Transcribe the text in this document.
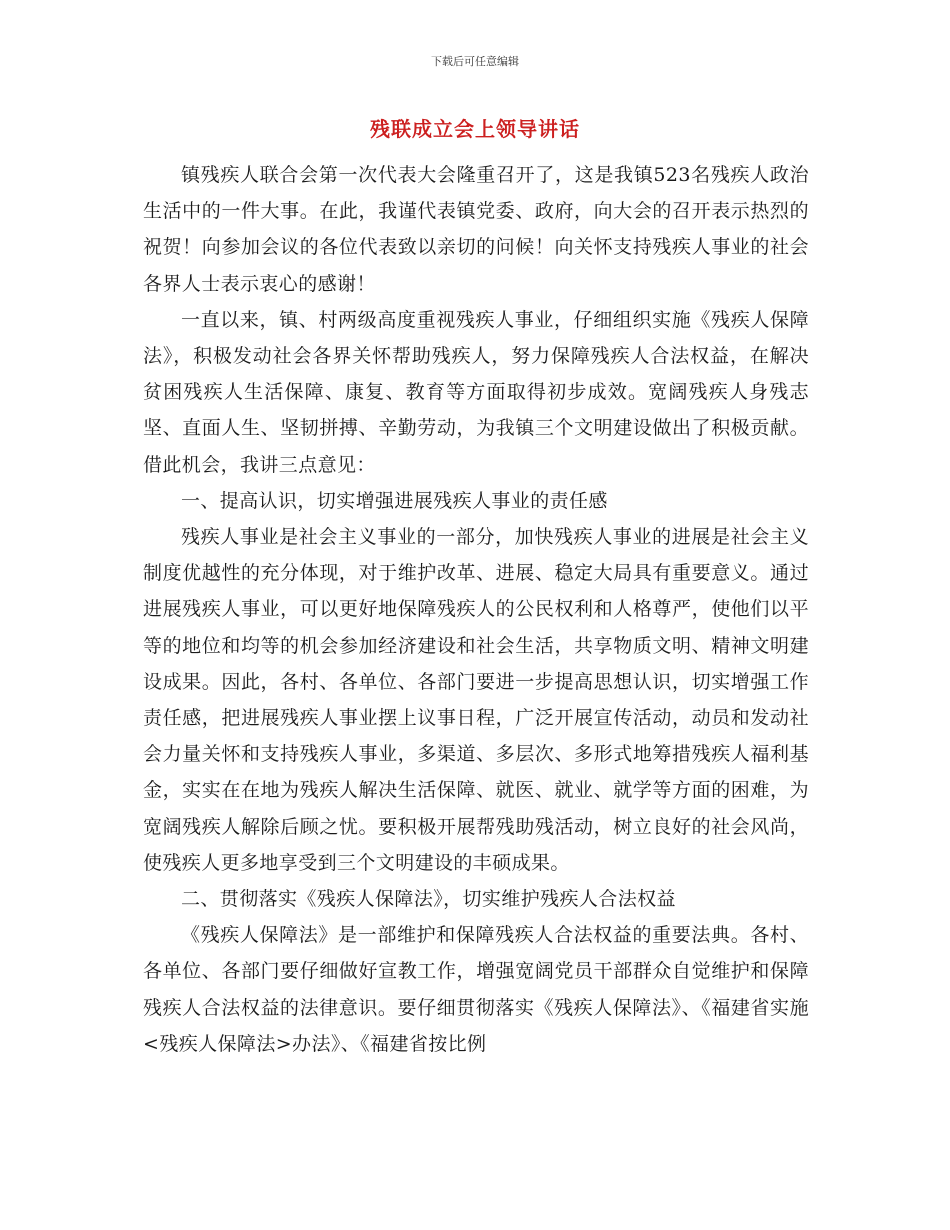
下载后可任意编辑
残联成立会上领导讲话

镇残疾人联合会第一次代表大会隆重召开了，这是我镇523名残疾人政治生活中的一件大事。在此，我谨代表镇党委、政府，向大会的召开表示热烈的祝贺！向参加会议的各位代表致以亲切的问候！向关怀支持残疾人事业的社会各界人士表示衷心的感谢！

一直以来，镇、村两级高度重视残疾人事业，仔细组织实施《残疾人保障法》，积极发动社会各界关怀帮助残疾人，努力保障残疾人合法权益，在解决贫困残疾人生活保障、康复、教育等方面取得初步成效。宽阔残疾人身残志坚、直面人生、坚韧拼搏、辛勤劳动，为我镇三个文明建设做出了积极贡献。借此机会，我讲三点意见：

一、提高认识，切实增强进展残疾人事业的责任感

残疾人事业是社会主义事业的一部分，加快残疾人事业的进展是社会主义制度优越性的充分体现，对于维护改革、进展、稳定大局具有重要意义。通过进展残疾人事业，可以更好地保障残疾人的公民权利和人格尊严，使他们以平等的地位和均等的机会参加经济建设和社会生活，共享物质文明、精神文明建设成果。因此，各村、各单位、各部门要进一步提高思想认识，切实增强工作责任感，把进展残疾人事业摆上议事日程，广泛开展宣传活动，动员和发动社会力量关怀和支持残疾人事业，多渠道、多层次、多形式地筹措残疾人福利基金，实实在在地为残疾人解决生活保障、就医、就业、就学等方面的困难，为宽阔残疾人解除后顾之忧。要积极开展帮残助残活动，树立良好的社会风尚，使残疾人更多地享受到三个文明建设的丰硕成果。

二、贯彻落实《残疾人保障法》，切实维护残疾人合法权益

《残疾人保障法》是一部维护和保障残疾人合法权益的重要法典。各村、各单位、各部门要仔细做好宣教工作，增强宽阔党员干部群众自觉维护和保障残疾人合法权益的法律意识。要仔细贯彻落实《残疾人保障法》、《福建省实施<残疾人保障法>办法》、《福建省按比例
